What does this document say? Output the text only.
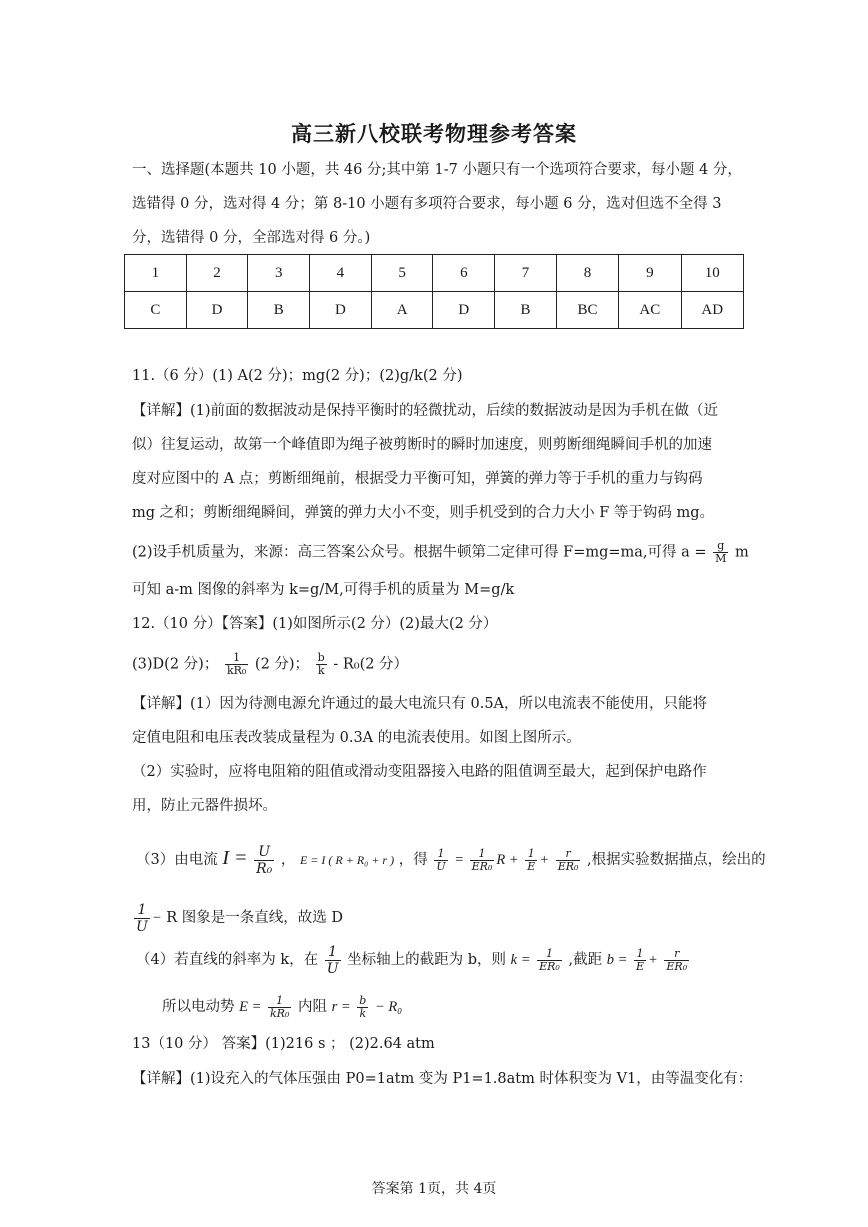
高三新八校联考物理参考答案
一、选择题(本题共 10 小题，共 46 分;其中第 1-7 小题只有一个选项符合要求，每小题 4 分，
选错得 0 分，选对得 4 分；第 8-10 小题有多项符合要求，每小题 6 分，选对但选不全得 3
分，选错得 0 分，全部选对得 6 分。)
1	2	3	4	5	6	7	8	9	10
C	D	B	D	A	D	B	BC	AC	AD
11.（6 分）(1) A(2 分)；mg(2 分)；(2)g/k(2 分)
【详解】(1)前面的数据波动是保持平衡时的轻微扰动，后续的数据波动是因为手机在做（近
似）往复运动，故第一个峰值即为绳子被剪断时的瞬时加速度，则剪断细绳瞬间手机的加速
度对应图中的 A 点；剪断细绳前，根据受力平衡可知，弹簧的弹力等于手机的重力与钩码
mg 之和；剪断细绳瞬间，弹簧的弹力大小不变，则手机受到的合力大小 F 等于钩码 mg。
(2)设手机质量为，来源：高三答案公众号。根据牛顿第二定律可得 F=mg=ma,可得 $a = \frac{g}{M}$ m
可知 a-m 图像的斜率为 k=g/M,可得手机的质量为 M=g/k
12.（10 分）【答案】(1)如图所示(2 分）(2)最大(2 分）
(3)D(2 分)； $\frac{1}{\text{kR₀}} (2$ 分)； $\frac{b}{k} - R_0(2$ 分）
【详解】(1）因为待测电源允许通过的最大电流只有 0.5A，所以电流表不能使用，只能将
定值电阻和电压表改装成量程为 0.3A 的电流表使用。如图上图所示。
（2）实验时，应将电阻箱的阻值或滑动变阻器接入电路的阻值调至最大，起到保护电路作
用，防止元器件损坏。
（3）由电流 $I = \frac{U}{\text{R₀}}$ ， E = I ( R + R₀ + r ) ，得 $\frac{1}{U} = \frac{1}{\text{ER₀}}$ $R + \frac{1}{E} + \frac{r}{\text{ER₀}}$ ,根据实验数据描点，绘出的
$\frac{1}{U} - R$ 图象是一条直线，故选 D
（4）若直线的斜率为 k，在 $\frac{1}{U}$ 坐标轴上的截距为 b，则 $k = \frac{1}{\text{ER₀}}$ ,截距 $b = \frac{1}{E} + \frac{r}{\text{ER₀}}$
所以电动势 $E = \frac{1}{\text{kR₀}}$ 内阻 $r = \frac{b}{k} - R_0$
13（10 分） 答案】(1)216 s ； (2)2.64 atm
【详解】(1)设充入的气体压强由 P0=1atm 变为 P1=1.8atm 时体积变为 V1，由等温变化有：
答案第 1页，共 4页
